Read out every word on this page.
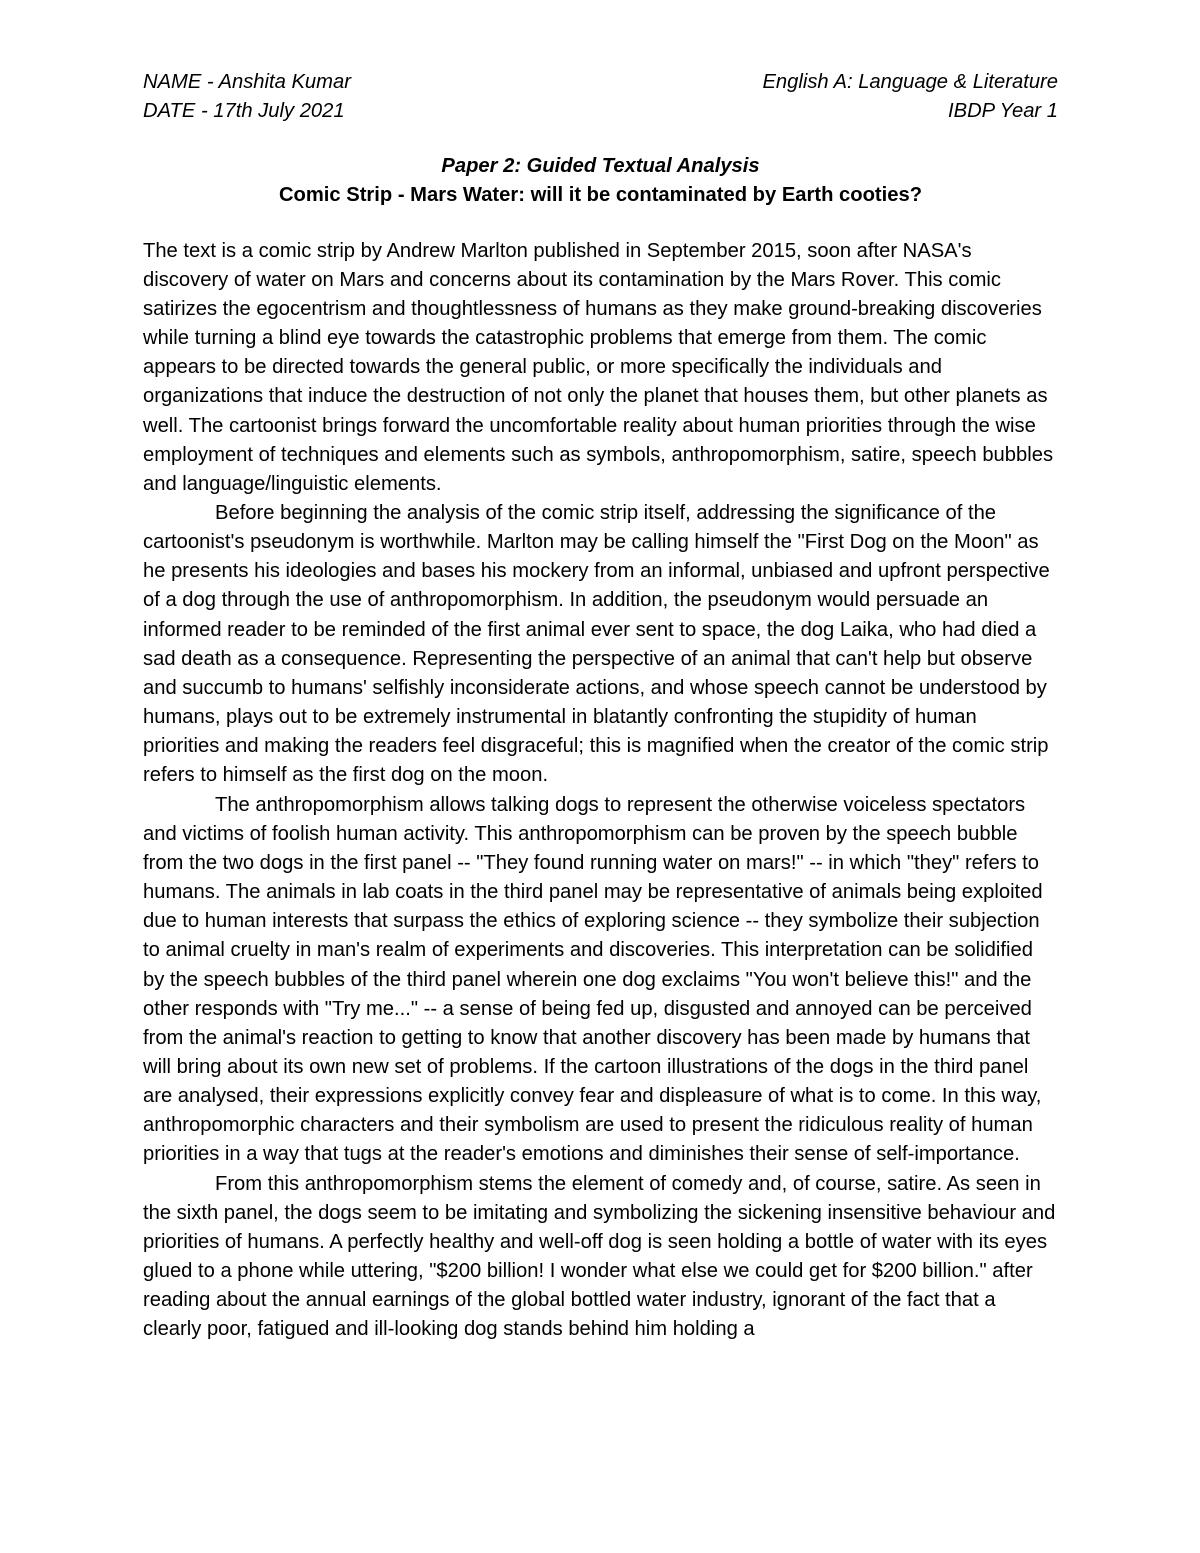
NAME - Anshita Kumar	English A: Language & Literature
DATE - 17th July 2021	IBDP Year 1
Paper 2: Guided Textual Analysis
Comic Strip - Mars Water: will it be contaminated by Earth cooties?

The text is a comic strip by Andrew Marlton published in September 2015, soon after NASA's discovery of water on Mars and concerns about its contamination by the Mars Rover. This comic satirizes the egocentrism and thoughtlessness of humans as they make ground-breaking discoveries while turning a blind eye towards the catastrophic problems that emerge from them. The comic appears to be directed towards the general public, or more specifically the individuals and organizations that induce the destruction of not only the planet that houses them, but other planets as well. The cartoonist brings forward the uncomfortable reality about human priorities through the wise employment of techniques and elements such as symbols, anthropomorphism, satire, speech bubbles and language/linguistic elements.

Before beginning the analysis of the comic strip itself, addressing the significance of the cartoonist's pseudonym is worthwhile. Marlton may be calling himself the "First Dog on the Moon" as he presents his ideologies and bases his mockery from an informal, unbiased and upfront perspective of a dog through the use of anthropomorphism. In addition, the pseudonym would persuade an informed reader to be reminded of the first animal ever sent to space, the dog Laika, who had died a sad death as a consequence. Representing the perspective of an animal that can't help but observe and succumb to humans' selfishly inconsiderate actions, and whose speech cannot be understood by humans, plays out to be extremely instrumental in blatantly confronting the stupidity of human priorities and making the readers feel disgraceful; this is magnified when the creator of the comic strip refers to himself as the first dog on the moon.

The anthropomorphism allows talking dogs to represent the otherwise voiceless spectators and victims of foolish human activity. This anthropomorphism can be proven by the speech bubble from the two dogs in the first panel -- "They found running water on mars!" -- in which "they" refers to humans. The animals in lab coats in the third panel may be representative of animals being exploited due to human interests that surpass the ethics of exploring science -- they symbolize their subjection to animal cruelty in man's realm of experiments and discoveries. This interpretation can be solidified by the speech bubbles of the third panel wherein one dog exclaims "You won't believe this!" and the other responds with "Try me..." -- a sense of being fed up, disgusted and annoyed can be perceived from the animal's reaction to getting to know that another discovery has been made by humans that will bring about its own new set of problems. If the cartoon illustrations of the dogs in the third panel are analysed, their expressions explicitly convey fear and displeasure of what is to come. In this way, anthropomorphic characters and their symbolism are used to present the ridiculous reality of human priorities in a way that tugs at the reader's emotions and diminishes their sense of self-importance.

From this anthropomorphism stems the element of comedy and, of course, satire. As seen in the sixth panel, the dogs seem to be imitating and symbolizing the sickening insensitive behaviour and priorities of humans. A perfectly healthy and well-off dog is seen holding a bottle of water with its eyes glued to a phone while uttering, "$200 billion! I wonder what else we could get for $200 billion." after reading about the annual earnings of the global bottled water industry, ignorant of the fact that a clearly poor, fatigued and ill-looking dog stands behind him holding a
